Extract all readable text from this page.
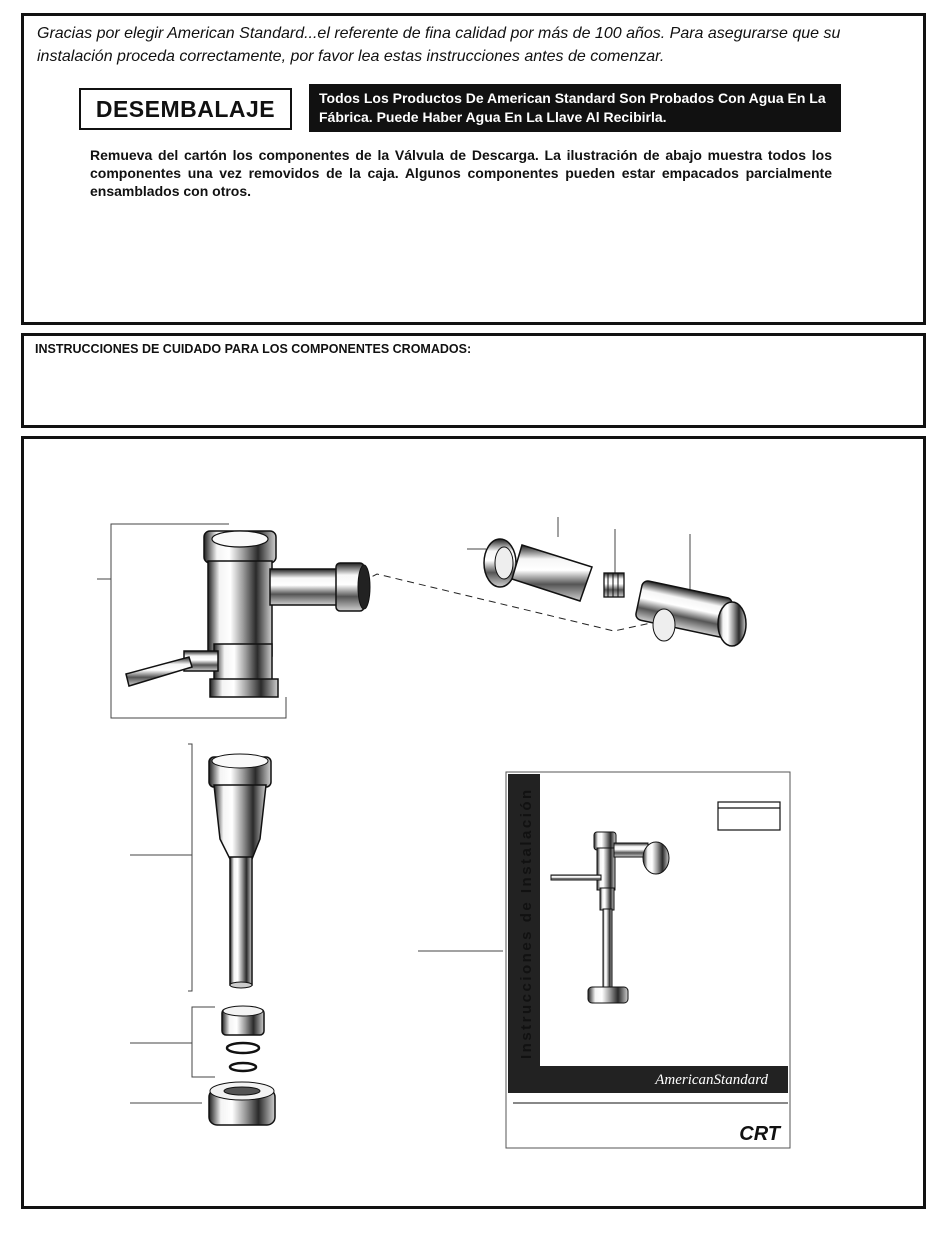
Gracias por elegir American Standard...el referente de fina calidad por más de 100 años. Para asegurarse que su instalación proceda correctamente, por favor lea estas instrucciones antes de comenzar.

DESEMBALAJE	Todos Los Productos De American Standard Son Probados Con Agua En La Fábrica. Puede Haber Agua En La Llave Al Recibirla.

Remueva del cartón los componentes de la Válvula de Descarga. La ilustración de abajo muestra todos los componentes una vez removidos de la caja. Algunos componentes pueden estar empacados parcialmente ensamblados con otros.

INSTRUCCIONES DE CUIDADO PARA LOS COMPONENTES CROMADOS:

AmericanStandard
CRT
Instrucciones de Instalación
